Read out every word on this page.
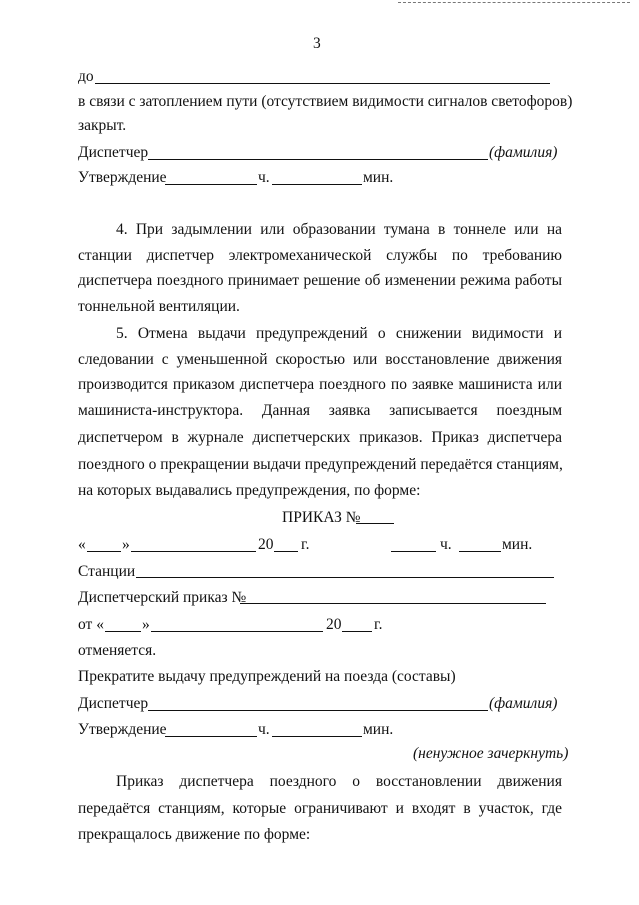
3
до
в связи с затоплением пути (отсутствием видимости сигналов светофоров)
закрыт.
Диспетчер	(фамилия)
Утверждение	ч.	мин.
4. При задымлении или образовании тумана в тоннеле или на
станции диспетчер электромеханической службы по требованию
диспетчера поездного принимает решение об изменении режима работы
тоннельной вентиляции.
5. Отмена выдачи предупреждений о снижении видимости и
следовании с уменьшенной скоростью или восстановление движения
производится приказом диспетчера поездного по заявке машиниста или
машиниста-инструктора. Данная заявка записывается поездным
диспетчером в журнале диспетчерских приказов. Приказ диспетчера
поездного о прекращении выдачи предупреждений передаётся станциям,
на которых выдавались предупреждения, по форме:
ПРИКАЗ №
« »	20 г.	ч.	мин.
Станции
Диспетчерский приказ №
от « »	20 г.
отменяется.
Прекратите выдачу предупреждений на поезда (составы)
Диспетчер	(фамилия)
Утверждение	ч.	мин.
(ненужное зачеркнуть)
Приказ диспетчера поездного о восстановлении движения
передаётся станциям, которые ограничивают и входят в участок, где
прекращалось движение по форме:
